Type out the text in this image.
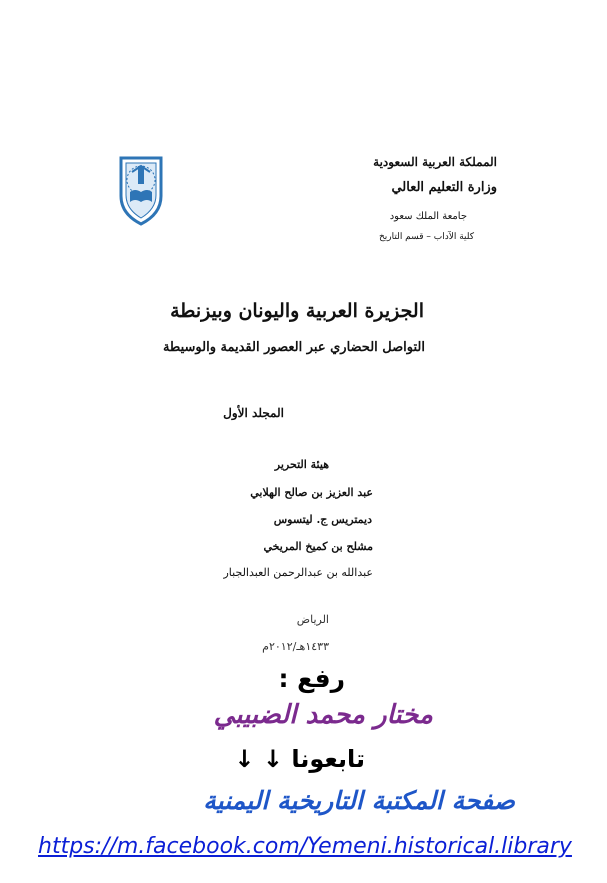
المملكة العربية السعودية
وزارة التعليم العالي
جامعة الملك سعود
كلية الآداب – قسم التاريخ
الجزيرة العربية واليونان وبيزنطة
التواصل الحضاري عبر العصور القديمة والوسيطة
المجلد الأول
هيئة التحرير
عبد العزيز بن صالح الهلابي
ديمتريس ج. ليتسوس
مشلح بن كميخ المريخي
عبدالله بن عبدالرحمن العبدالجبار
الرياض
١٤٣٣هـ/٢٠١٢م
رفع :
مختار محمد الضبيبي
تابعونا ↓ ↓
صفحة المكتبة التاريخية اليمنية
https://m.facebook.com/Yemeni.historical.library
